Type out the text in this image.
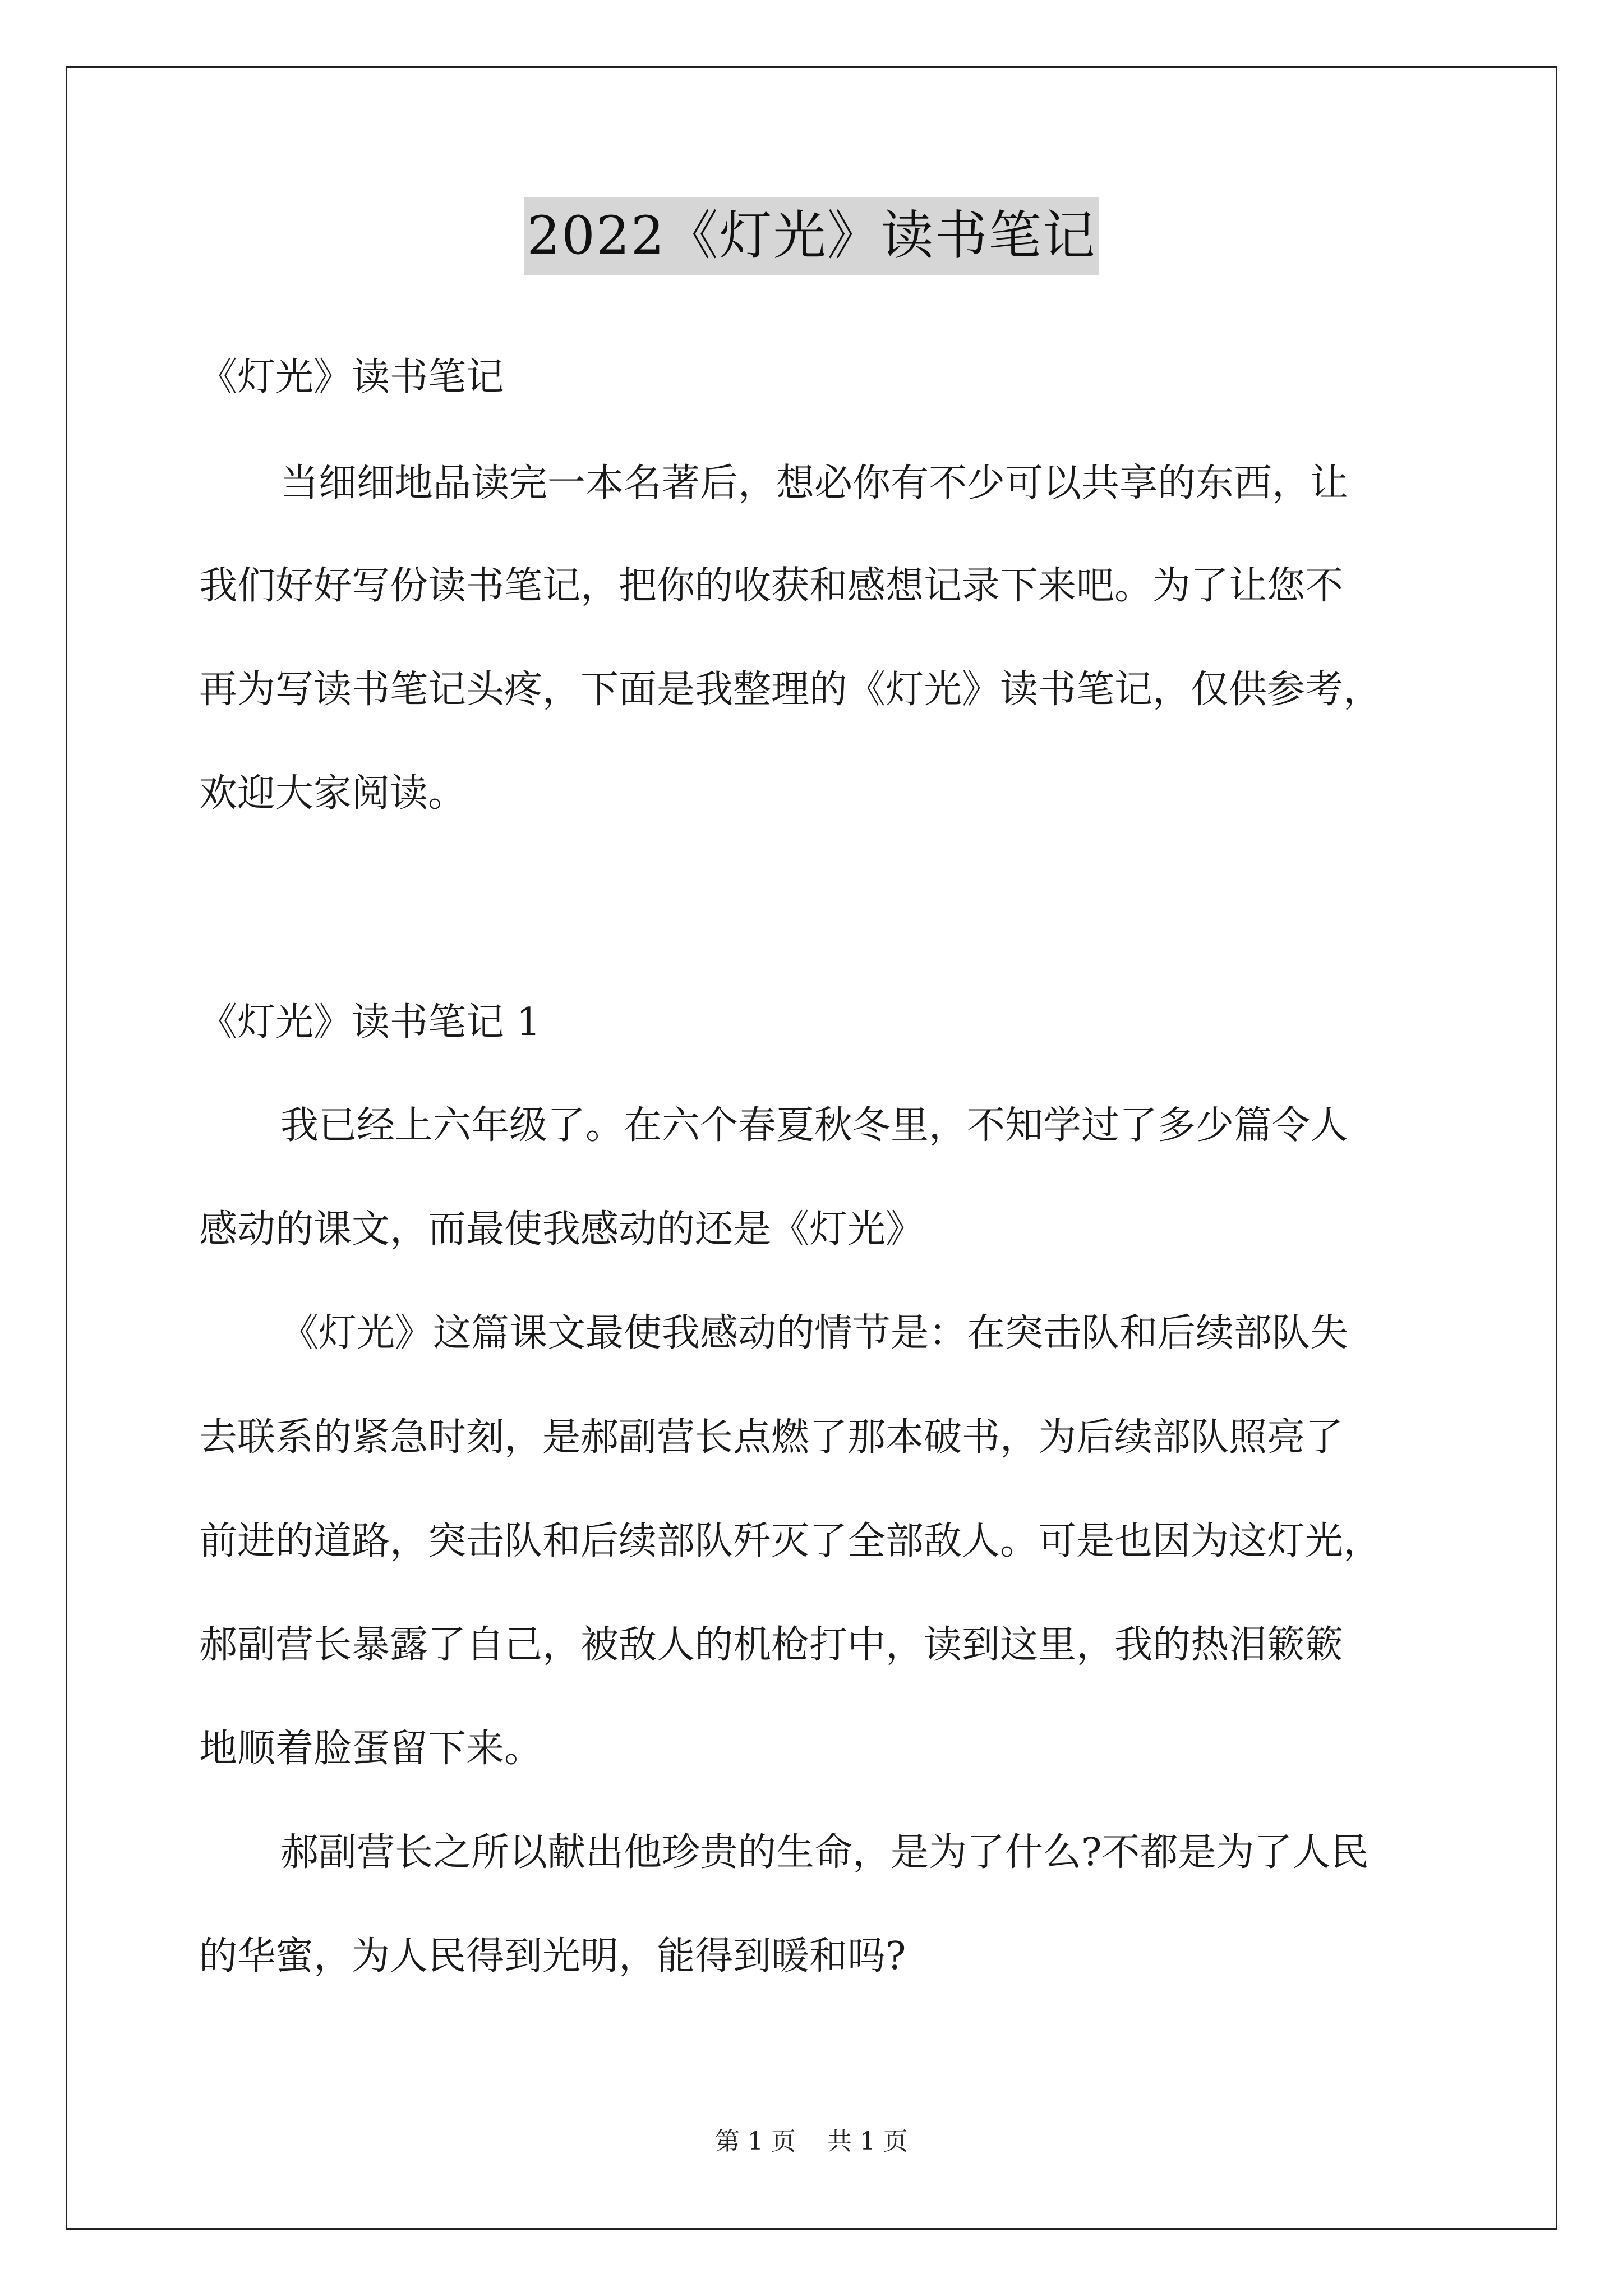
2022《灯光》读书笔记
《灯光》读书笔记
当细细地品读完一本名著后，想必你有不少可以共享的东西，让
我们好好写份读书笔记，把你的收获和感想记录下来吧。为了让您不
再为写读书笔记头疼，下面是我整理的《灯光》读书笔记，仅供参考，
欢迎大家阅读。
《灯光》读书笔记 1
我已经上六年级了。在六个春夏秋冬里，不知学过了多少篇令人
感动的课文，而最使我感动的还是《灯光》
《灯光》这篇课文最使我感动的情节是：在突击队和后续部队失
去联系的紧急时刻，是郝副营长点燃了那本破书，为后续部队照亮了
前进的道路，突击队和后续部队歼灭了全部敌人。可是也因为这灯光，
郝副营长暴露了自己，被敌人的机枪打中，读到这里，我的热泪簌簌
地顺着脸蛋留下来。
郝副营长之所以献出他珍贵的生命，是为了什么?不都是为了人民
的华蜜，为人民得到光明，能得到暖和吗?
第 1 页    共 1 页
